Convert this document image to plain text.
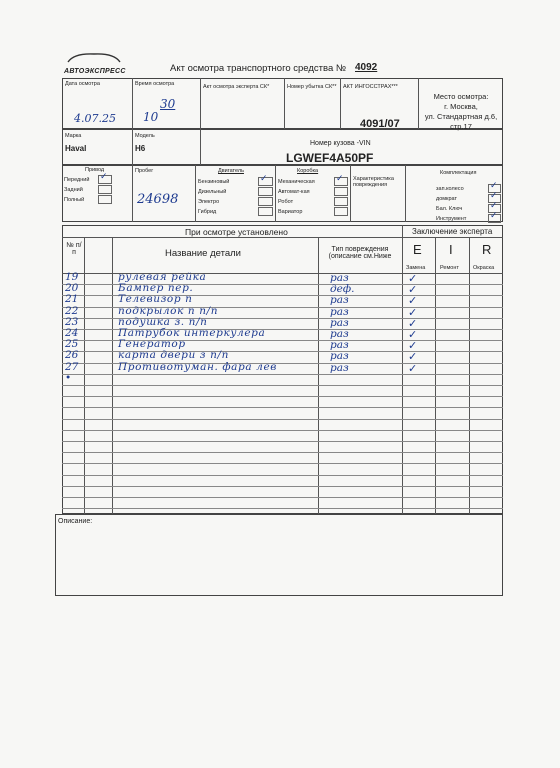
АВТОЭКСПРЕСС	Акт осмотра транспортного средства № 4092
Дата осмотра
4.07.25
Время осмотра
10
30
Акт осмотра эксперта СК*	Номер убытка СК** АКТ ИНГОССТРАХ***
4091/07
Место осмотра:
г. Москва,
ул. Стандартная д.6,
стр.17
Марка
Haval
Модель
H6
Номер кузова -VIN
LGWEF4A50PF
Привод
Передний
Задний
Полный
✓
Пробег
24698
Двигатель
Бензиновый
Дизельный
Электро
Гибрид
✓
Коробка
Механическая
Автомат-кая
Робот
Вариатор
✓ Характеристика повреждения
Комплектация
зап.колесо
домкрат
Бал. Ключ
Инструмент
✓
✓
✓
✓
При осмотре установлено	Заключение эксперта
№ п/п	Название детали	Тип повреждения (описание см.Ниже	E I R
Замена	Ремонт	Окраска
19	рулевая рейка	раз	✓
20	Бампер пер.	деф.	✓
21	Телевизор п	раз	✓
22	подкрылок п п/п	раз	✓
23	подушка з. п/п	раз	✓
24	Патрубок интеркулера	раз	✓
25	Генератор	раз	✓
26	карта двери з п/п	раз	✓
27	Противотуман. фара лев	раз	✓
•
Описание:
